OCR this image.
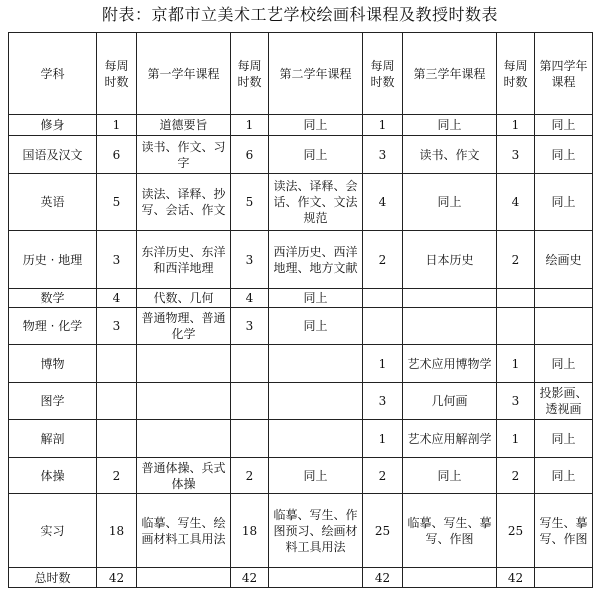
附表：京都市立美术工艺学校绘画科课程及教授时数表
学科	每周时数	第一学年课程	每周时数	第二学年课程	每周时数	第三学年课程	每周时数	第四学年课程
修身	1	道德要旨	1	同上	1	同上	1	同上
国语及汉文	6	读书、作文、习字	6	同上	3	读书、作文	3	同上
英语	5	读法、译释、抄写、会话、作文	5	读法、译释、会话、作文、文法规范	4	同上	4	同上
历史 · 地理	3	东洋历史、东洋和西洋地理	3	西洋历史、西洋地理、地方文献	2	日本历史	2	绘画史
数学	4	代数、几何	4	同上				
物理 · 化学	3	普通物理、普通化学	3	同上				
博物					1	艺术应用博物学	1	同上
图学					3	几何画	3	投影画、透视画
解剖					1	艺术应用解剖学	1	同上
体操	2	普通体操、兵式体操	2	同上	2	同上	2	同上
实习	18	临摹、写生、绘画材料工具用法	18	临摹、写生、作图预习、绘画材料工具用法	25	临摹、写生、摹写、作图	25	写生、摹写、作图
总时数	42		42		42		42	
